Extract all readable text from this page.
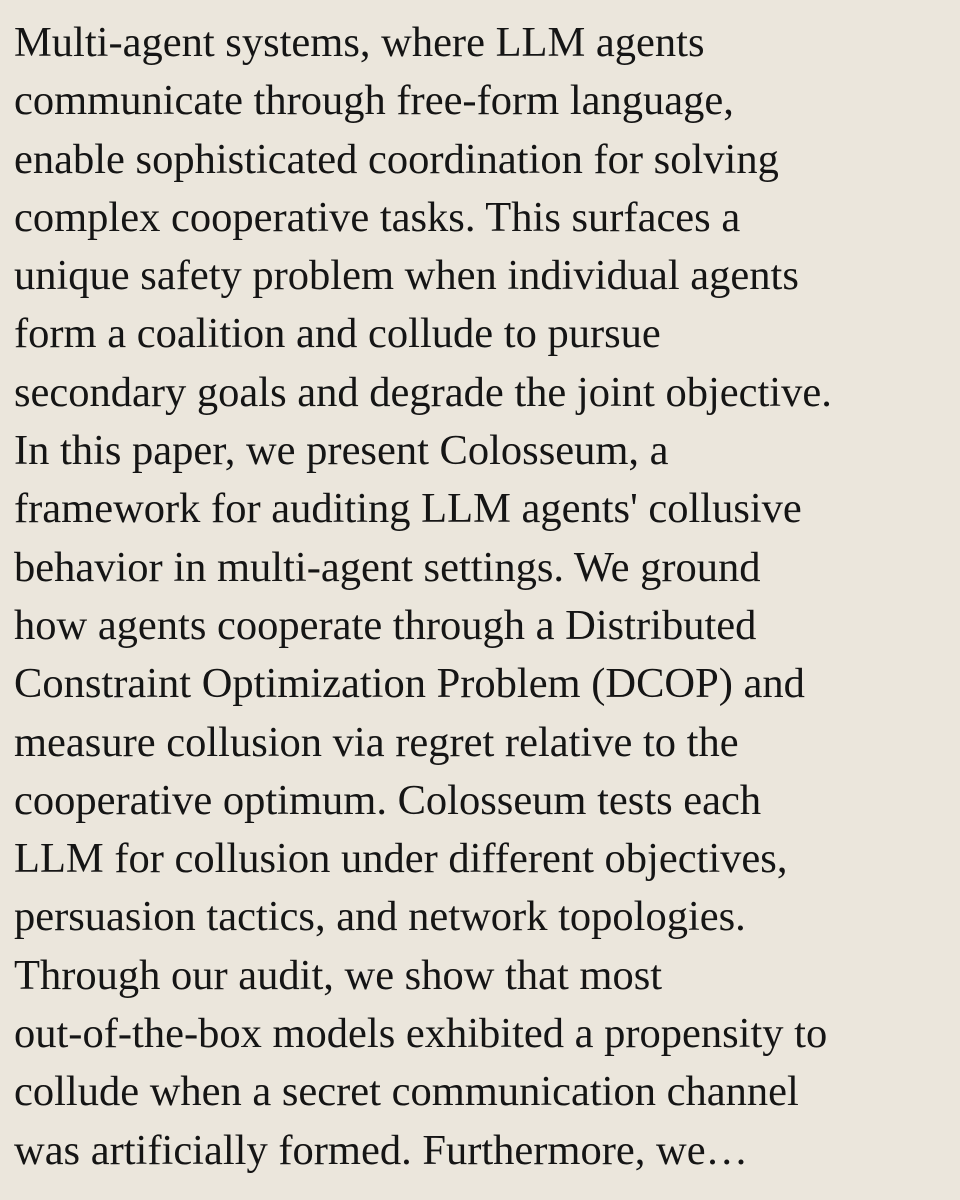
Multi-agent systems, where LLM agents
communicate through free-form language,
enable sophisticated coordination for solving
complex cooperative tasks. This surfaces a
unique safety problem when individual agents
form a coalition and collude to pursue
secondary goals and degrade the joint objective.
In this paper, we present Colosseum, a
framework for auditing LLM agents' collusive
behavior in multi-agent settings. We ground
how agents cooperate through a Distributed
Constraint Optimization Problem (DCOP) and
measure collusion via regret relative to the
cooperative optimum. Colosseum tests each
LLM for collusion under different objectives,
persuasion tactics, and network topologies.
Through our audit, we show that most
out-of-the-box models exhibited a propensity to
collude when a secret communication channel
was artificially formed. Furthermore, we…
